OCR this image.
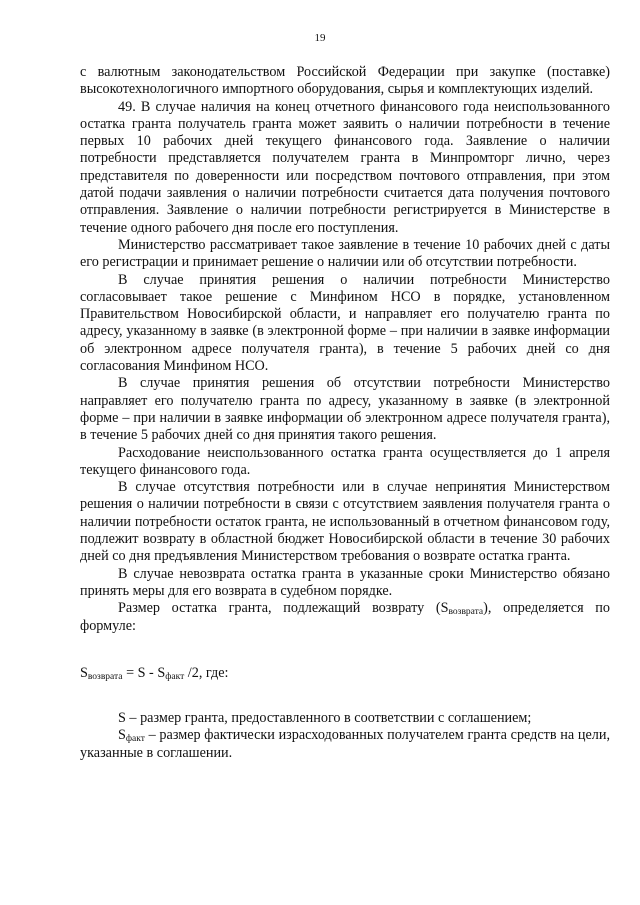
19

с валютным законодательством Российской Федерации при закупке (поставке) высокотехнологичного импортного оборудования, сырья и комплектующих изделий.

49. В случае наличия на конец отчетного финансового года неиспользованного остатка гранта получатель гранта может заявить о наличии потребности в течение первых 10 рабочих дней текущего финансового года. Заявление о наличии потребности представляется получателем гранта в Минпромторг лично, через представителя по доверенности или посредством почтового отправления, при этом датой подачи заявления о наличии потребности считается дата получения почтового отправления. Заявление о наличии потребности регистрируется в Министерстве в течение одного рабочего дня после его поступления.

Министерство рассматривает такое заявление в течение 10 рабочих дней с даты его регистрации и принимает решение о наличии или об отсутствии потребности.

В случае принятия решения о наличии потребности Министерство согласовывает такое решение с Минфином НСО в порядке, установленном Правительством Новосибирской области, и направляет его получателю гранта по адресу, указанному в заявке (в электронной форме – при наличии в заявке информации об электронном адресе получателя гранта), в течение 5 рабочих дней со дня согласования Минфином НСО.

В случае принятия решения об отсутствии потребности Министерство направляет его получателю гранта по адресу, указанному в заявке (в электронной форме – при наличии в заявке информации об электронном адресе получателя гранта), в течение 5 рабочих дней со дня принятия такого решения.

Расходование неиспользованного остатка гранта осуществляется до 1 апреля текущего финансового года.

В случае отсутствия потребности или в случае непринятия Министерством решения о наличии потребности в связи с отсутствием заявления получателя гранта о наличии потребности остаток гранта, не использованный в отчетном финансовом году, подлежит возврату в областной бюджет Новосибирской области в течение 30 рабочих дней со дня предъявления Министерством требования о возврате остатка гранта.

В случае невозврата остатка гранта в указанные сроки Министерство обязано принять меры для его возврата в судебном порядке.

Размер остатка гранта, подлежащий возврату $(S_{возврата})$, определяется по формуле:

$S_{возврата} = S - S_{факт}$ /2, где:

S – размер гранта, предоставленного в соответствии с соглашением;

$S_{факт}$ – размер фактически израсходованных получателем гранта средств на цели, указанные в соглашении.
